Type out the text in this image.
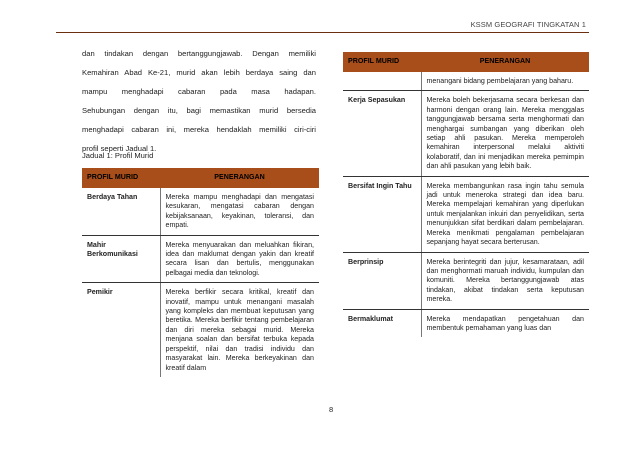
KSSM GEOGRAFI TINGKATAN 1

dan tindakan dengan bertanggungjawab. Dengan memiliki

Kemahiran Abad Ke-21, murid akan lebih berdaya saing dan

mampu menghadapi cabaran pada masa hadapan.

Sehubungan dengan itu, bagi memastikan murid bersedia

menghadapi cabaran ini, mereka hendaklah memiliki ciri-ciri

profil seperti Jadual 1.

Jadual 1: Profil Murid
PROFIL MURID	PENERANGAN
Berdaya Tahan	Mereka mampu menghadapi dan mengatasi kesukaran, mengatasi cabaran dengan kebijaksanaan, keyakinan, toleransi, dan empati.
Mahir Berkomunikasi	Mereka menyuarakan dan meluahkan fikiran, idea dan maklumat dengan yakin dan kreatif secara lisan dan bertulis, menggunakan pelbagai media dan teknologi.
Pemikir	Mereka berfikir secara kritikal, kreatif dan inovatif, mampu untuk menangani masalah yang kompleks dan membuat keputusan yang beretika. Mereka berfikir tentang pembelajaran dan diri mereka sebagai murid. Mereka menjana soalan dan bersifat terbuka kepada perspektif, nilai dan tradisi individu dan masyarakat lain. Mereka berkeyakinan dan kreatif dalam
PROFIL MURID	PENERANGAN
	menangani bidang pembelajaran yang baharu.
Kerja Sepasukan	Mereka boleh bekerjasama secara berkesan dan harmoni dengan orang lain. Mereka menggalas tanggungjawab bersama serta menghormati dan menghargai sumbangan yang diberikan oleh setiap ahli pasukan. Mereka memperoleh kemahiran interpersonal melalui aktiviti kolaboratif, dan ini menjadikan mereka pemimpin dan ahli pasukan yang lebih baik.
Bersifat Ingin Tahu	Mereka membangunkan rasa ingin tahu semula jadi untuk meneroka strategi dan idea baru. Mereka mempelajari kemahiran yang diperlukan untuk menjalankan inkuiri dan penyelidikan, serta menunjukkan sifat berdikari dalam pembelajaran. Mereka menikmati pengalaman pembelajaran sepanjang hayat secara berterusan.
Berprinsip	Mereka berintegriti dan jujur, kesamarataan, adil dan menghormati maruah individu, kumpulan dan komuniti. Mereka bertanggungjawab atas tindakan, akibat tindakan serta keputusan mereka.
Bermaklumat	Mereka mendapatkan pengetahuan dan membentuk pemahaman yang luas dan
8
